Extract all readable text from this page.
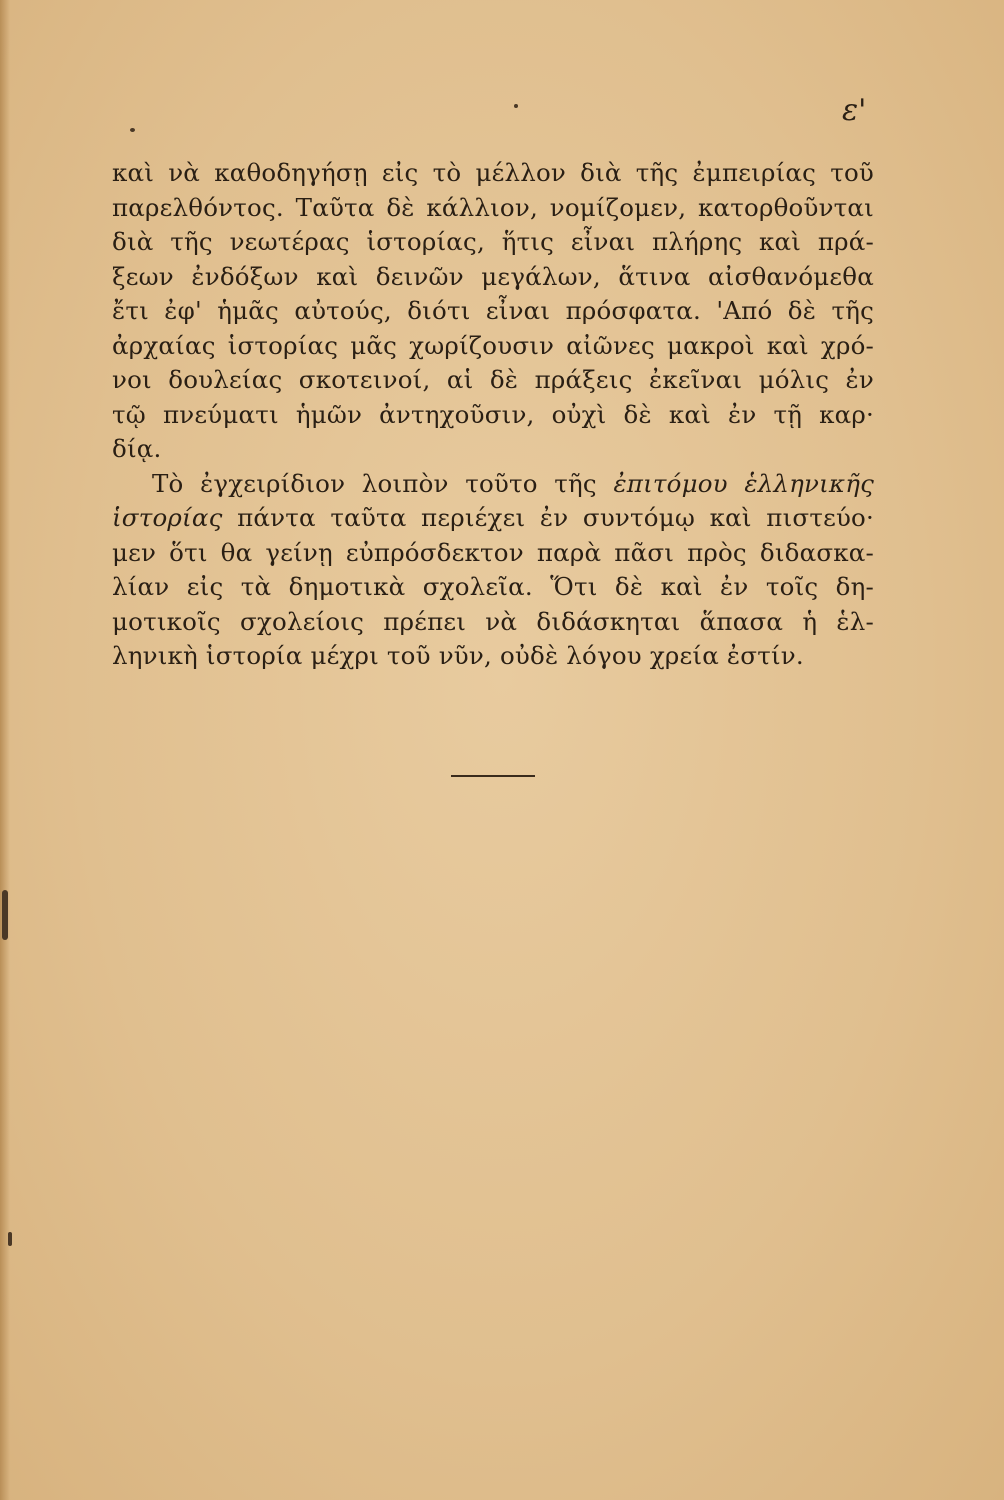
ε'
καὶ νὰ καθοδηγήσῃ εἰς τὸ μέλλον διὰ τῆς ἐμπειρίας τοῦ
παρελθόντος. Ταῦτα δὲ κάλλιον, νομίζομεν, κατορθοῦνται
διὰ τῆς νεωτέρας ἱστορίας, ἥτις εἶναι πλήρης καὶ πρά-
ξεων ἐνδόξων καὶ δεινῶν μεγάλων, ἅτινα αἰσθανόμεθα
ἔτι ἐφ' ἡμᾶς αὐτούς, διότι εἶναι πρόσφατα. 'Από δὲ τῆς
ἀρχαίας ἱστορίας μᾶς χωρίζουσιν αἰῶνες μακροὶ καὶ χρό-
νοι δουλείας σκοτεινοί, αἱ δὲ πράξεις ἐκεῖναι μόλις ἐν
τῷ πνεύματι ἡμῶν ἀντηχοῦσιν, οὐχὶ δὲ καὶ ἐν τῇ καρ·
δίᾳ.
Τὸ ἐγχειρίδιον λοιπὸν τοῦτο τῆς ἐπιτόμου ἑλληνικῆς
ἱστορίας πάντα ταῦτα περιέχει ἐν συντόμῳ καὶ πιστεύο·
μεν ὅτι θα γείνῃ εὐπρόσδεκτον παρὰ πᾶσι πρὸς διδασκα-
λίαν εἰς τὰ δημοτικὰ σχολεῖα. Ὅτι δὲ καὶ ἐν τοῖς δη-
μοτικοῖς σχολείοις πρέπει νὰ διδάσκηται ἅπασα ἡ ἑλ-
ληνικὴ ἱστορία μέχρι τοῦ νῦν, οὐδὲ λόγου χρεία ἐστίν.
